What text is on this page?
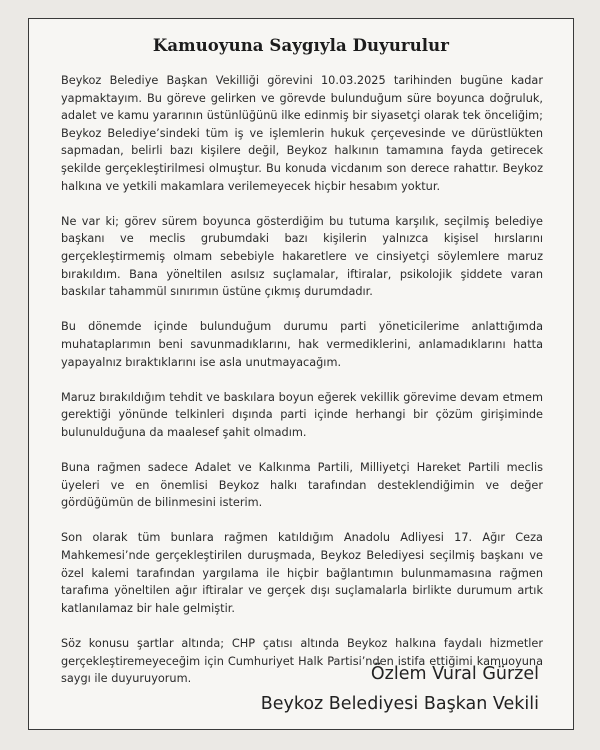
Kamuoyuna Saygıyla Duyurulur

Beykoz Belediye Başkan Vekilliği görevini 10.03.2025 tarihinden bugüne kadar yapmaktayım. Bu göreve gelirken ve görevde bulunduğum süre boyunca doğruluk, adalet ve kamu yararının üstünlüğünü ilke edinmiş bir siyasetçi olarak tek önceliğim; Beykoz Belediye’sindeki tüm iş ve işlemlerin hukuk çerçevesinde ve dürüstlükten sapmadan, belirli bazı kişilere değil, Beykoz halkının tamamına fayda getirecek şekilde gerçekleştirilmesi olmuştur. Bu konuda vicdanım son derece rahattır. Beykoz halkına ve yetkili makamlara verilemeyecek hiçbir hesabım yoktur.

Ne var ki; görev sürem boyunca gösterdiğim bu tutuma karşılık, seçilmiş belediye başkanı ve meclis grubumdaki bazı kişilerin yalnızca kişisel hırslarını gerçekleştirmemiş olmam sebebiyle hakaretlere ve cinsiyetçi söylemlere maruz bırakıldım. Bana yöneltilen asılsız suçlamalar, iftiralar, psikolojik şiddete varan baskılar tahammül sınırımın üstüne çıkmış durumdadır.

Bu dönemde içinde bulunduğum durumu parti yöneticilerime anlattığımda muhataplarımın beni savunmadıklarını, hak vermediklerini, anlamadıklarını hatta yapayalnız bıraktıklarını ise asla unutmayacağım.

Maruz bırakıldığım tehdit ve baskılara boyun eğerek vekillik görevime devam etmem gerektiği yönünde telkinleri dışında parti içinde herhangi bir çözüm girişiminde bulunulduğuna da maalesef şahit olmadım.

Buna rağmen sadece Adalet ve Kalkınma Partili, Milliyetçi Hareket Partili meclis üyeleri ve en önemlisi Beykoz halkı tarafından desteklendiğimin ve değer gördüğümün de bilinmesini isterim.

Son olarak tüm bunlara rağmen katıldığım Anadolu Adliyesi 17. Ağır Ceza Mahkemesi’nde gerçekleştirilen duruşmada, Beykoz Belediyesi seçilmiş başkanı ve özel kalemi tarafından yargılama ile hiçbir bağlantımın bulunmamasına rağmen tarafıma yöneltilen ağır iftiralar ve gerçek dışı suçlamalarla birlikte durumum artık katlanılamaz bir hale gelmiştir.

Söz konusu şartlar altında; CHP çatısı altında Beykoz halkına faydalı hizmetler gerçekleştiremeyeceğim için Cumhuriyet Halk Partisi’nden istifa ettiğimi kamuoyuna saygı ile duyuruyorum.	Özlem Vural Gürzel
Beykoz Belediyesi Başkan Vekili
